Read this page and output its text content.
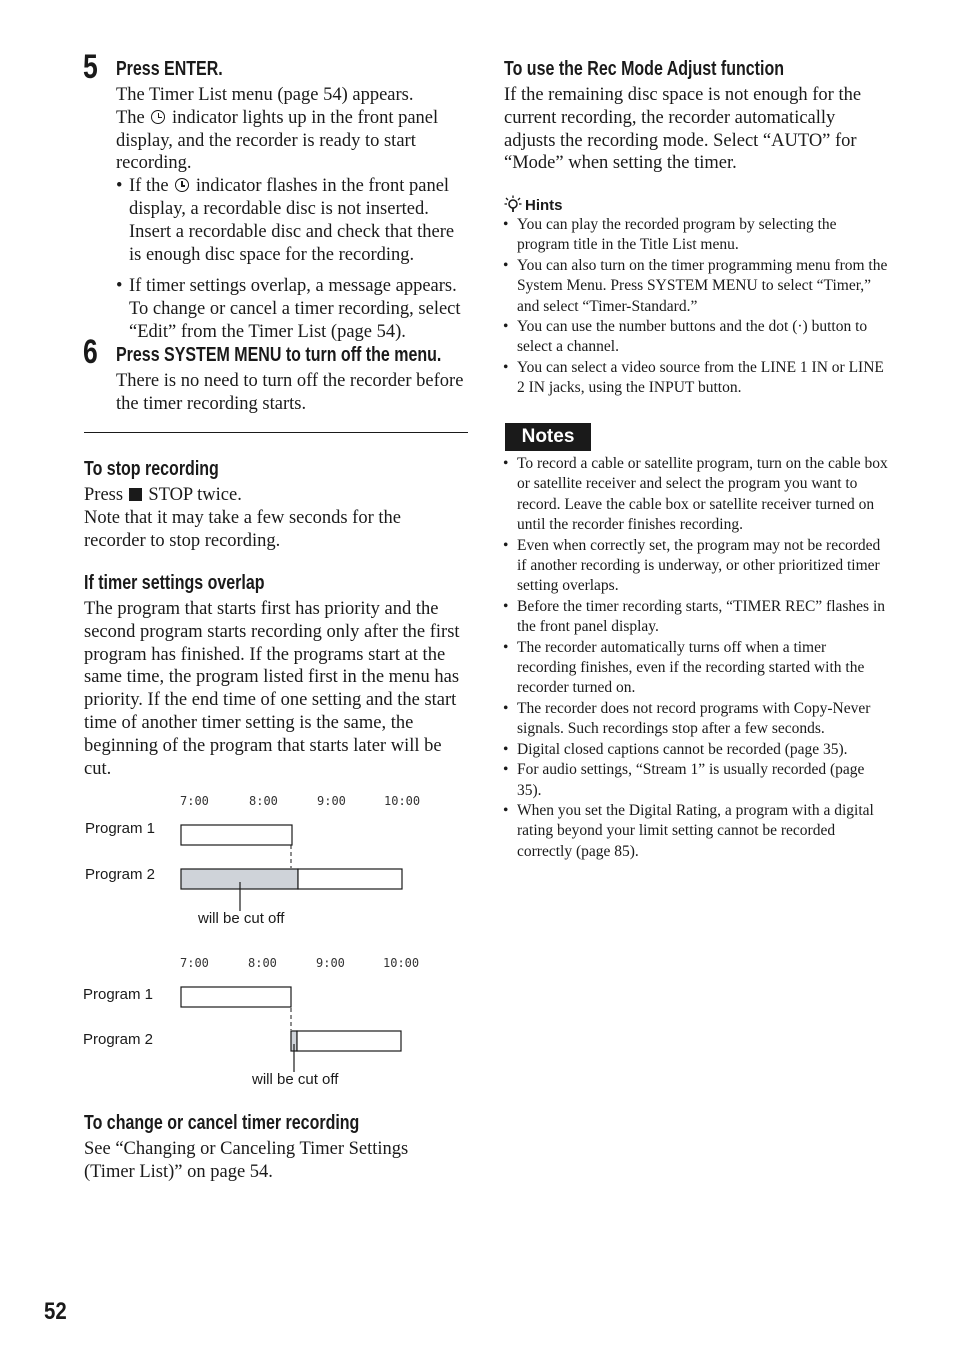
5 Press ENTER.
The Timer List menu (page 54) appears.
The indicator lights up in the front panel display, and the recorder is ready to start recording.
• If the indicator flashes in the front panel display, a recordable disc is not inserted. Insert a recordable disc and check that there is enough disc space for the recording.
• If timer settings overlap, a message appears. To change or cancel a timer recording, select “Edit” from the Timer List (page 54).
6 Press SYSTEM MENU to turn off the menu.
There is no need to turn off the recorder before the timer recording starts.
To stop recording
Press STOP twice.
Note that it may take a few seconds for the recorder to stop recording.
If timer settings overlap
The program that starts first has priority and the second program starts recording only after the first program has finished. If the programs start at the same time, the program listed first in the menu has priority. If the end time of one setting and the start time of another timer setting is the same, the beginning of the program that starts later will be cut.
7:00	8:00	9:00	10:00
Program 1
Program 2
will be cut off
7:00	8:00	9:00	10:00
Program 1
Program 2
will be cut off
To change or cancel timer recording
See “Changing or Canceling Timer Settings (Timer List)” on page 54.
To use the Rec Mode Adjust function
If the remaining disc space is not enough for the current recording, the recorder automatically adjusts the recording mode. Select “AUTO” for “Mode” when setting the timer.
Hints
• You can play the recorded program by selecting the program title in the Title List menu.
• You can also turn on the timer programming menu from the System Menu. Press SYSTEM MENU to select “Timer,” and select “Timer-Standard.”
• You can use the number buttons and the dot (·) button to select a channel.
• You can select a video source from the LINE 1 IN or LINE 2 IN jacks, using the INPUT button.
Notes
• To record a cable or satellite program, turn on the cable box or satellite receiver and select the program you want to record. Leave the cable box or satellite receiver turned on until the recorder finishes recording.
• Even when correctly set, the program may not be recorded if another recording is underway, or other prioritized timer setting overlaps.
• Before the timer recording starts, “TIMER REC” flashes in the front panel display.
• The recorder automatically turns off when a timer recording finishes, even if the recording started with the recorder turned on.
• The recorder does not record programs with Copy-Never signals. Such recordings stop after a few seconds.
• Digital closed captions cannot be recorded (page 35).
• For audio settings, “Stream 1” is usually recorded (page 35).
• When you set the Digital Rating, a program with a digital rating beyond your limit setting cannot be recorded correctly (page 85).
52
